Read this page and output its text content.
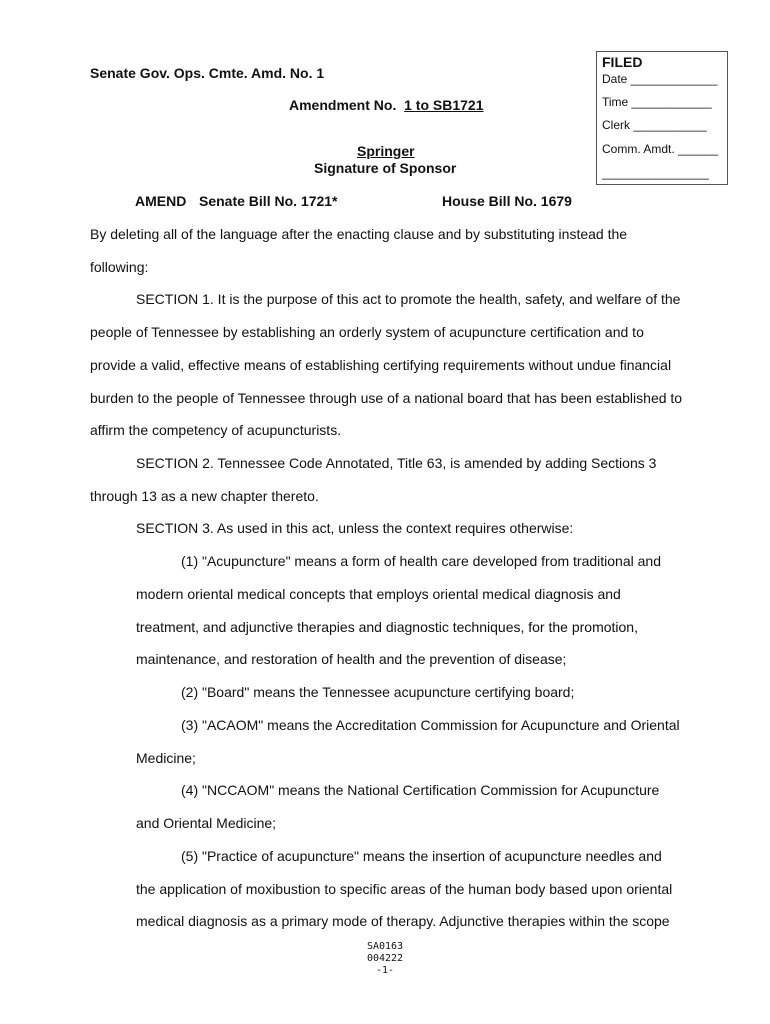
FILED
Date _____________
Time ____________
Clerk ___________
Comm. Amdt. ______
________________
Senate Gov. Ops. Cmte. Amd. No. 1
Amendment No. 1 to SB1721
Springer
Signature of Sponsor
AMEND Senate Bill No. 1721*	House Bill No. 1679
By deleting all of the language after the enacting clause and by substituting instead the
following:
SECTION 1. It is the purpose of this act to promote the health, safety, and welfare of the
people of Tennessee by establishing an orderly system of acupuncture certification and to
provide a valid, effective means of establishing certifying requirements without undue financial
burden to the people of Tennessee through use of a national board that has been established to
affirm the competency of acupuncturists.
SECTION 2. Tennessee Code Annotated, Title 63, is amended by adding Sections 3
through 13 as a new chapter thereto.
SECTION 3. As used in this act, unless the context requires otherwise:
(1) "Acupuncture" means a form of health care developed from traditional and
modern oriental medical concepts that employs oriental medical diagnosis and
treatment, and adjunctive therapies and diagnostic techniques, for the promotion,
maintenance, and restoration of health and the prevention of disease;
(2) "Board" means the Tennessee acupuncture certifying board;
(3) "ACAOM" means the Accreditation Commission for Acupuncture and Oriental
Medicine;
(4) "NCCAOM" means the National Certification Commission for Acupuncture
and Oriental Medicine;
(5) "Practice of acupuncture" means the insertion of acupuncture needles and
the application of moxibustion to specific areas of the human body based upon oriental
medical diagnosis as a primary mode of therapy. Adjunctive therapies within the scope
SA0163
004222
-1-
